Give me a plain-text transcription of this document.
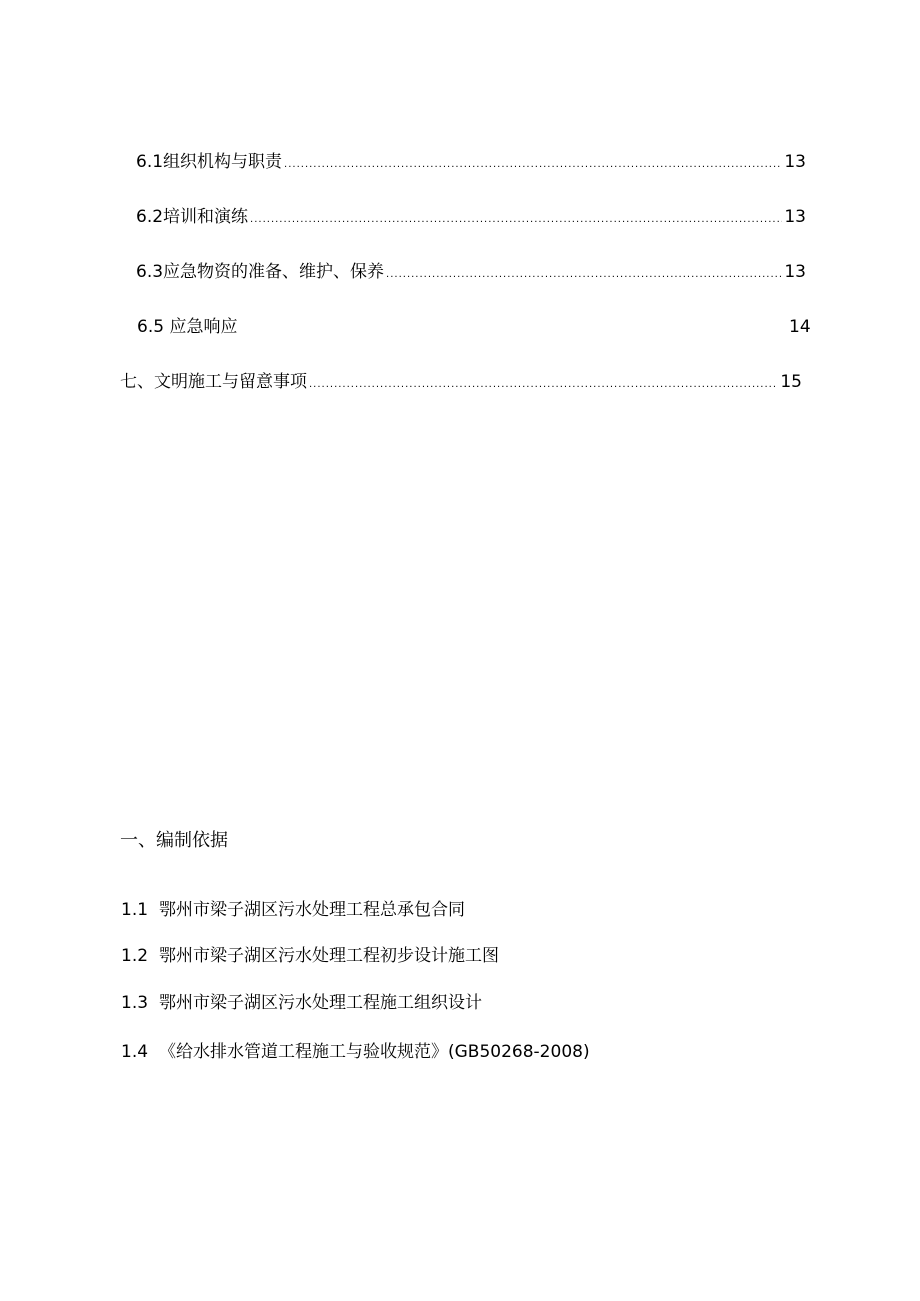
6.1 组织机构与职责 .....	13
6.2 培训和演练 .....	13
6.3 应急物资的准备、维护、保养 .....	13
6.5 应急响应	14
七、文明施工与留意事项 .....	15
一、编制依据
1.1 鄂州市梁子湖区污水处理工程总承包合同
1.2 鄂州市梁子湖区污水处理工程初步设计施工图
1.3 鄂州市梁子湖区污水处理工程施工组织设计
1.4 《给水排水管道工程施工与验收规范》(GB50268-2008)
